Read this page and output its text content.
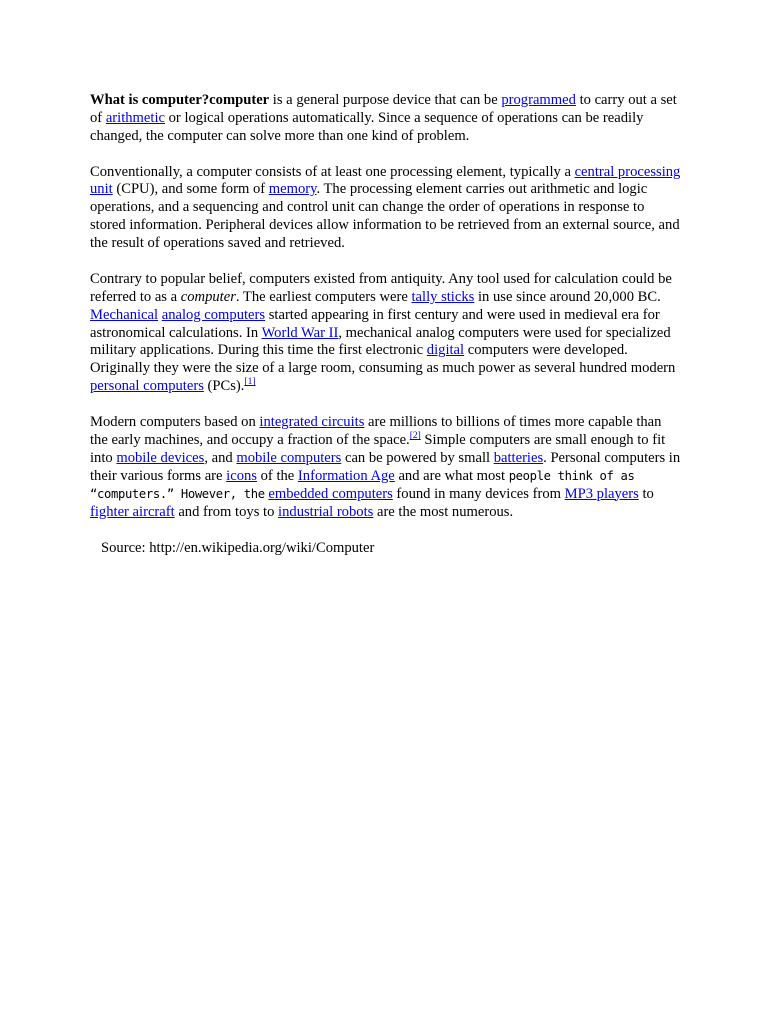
What is computer?computer is a general purpose device that can be programmed to carry out a set of arithmetic or logical operations automatically. Since a sequence of operations can be readily changed, the computer can solve more than one kind of problem.

Conventionally, a computer consists of at least one processing element, typically a central processing unit (CPU), and some form of memory. The processing element carries out arithmetic and logic operations, and a sequencing and control unit can change the order of operations in response to stored information. Peripheral devices allow information to be retrieved from an external source, and the result of operations saved and retrieved.

Contrary to popular belief, computers existed from antiquity. Any tool used for calculation could be referred to as a computer. The earliest computers were tally sticks in use since around 20,000 BC. Mechanical analog computers started appearing in first century and were used in medieval era for astronomical calculations. In World War II, mechanical analog computers were used for specialized military applications. During this time the first electronic digital computers were developed. Originally they were the size of a large room, consuming as much power as several hundred modern personal computers (PCs).[1]

Modern computers based on integrated circuits are millions to billions of times more capable than the early machines, and occupy a fraction of the space.[2] Simple computers are small enough to fit into mobile devices, and mobile computers can be powered by small batteries. Personal computers in their various forms are icons of the Information Age and are what most people think of as “computers.” However, the embedded computers found in many devices from MP3 players to fighter aircraft and from toys to industrial robots are the most numerous.

Source: http://en.wikipedia.org/wiki/Computer
